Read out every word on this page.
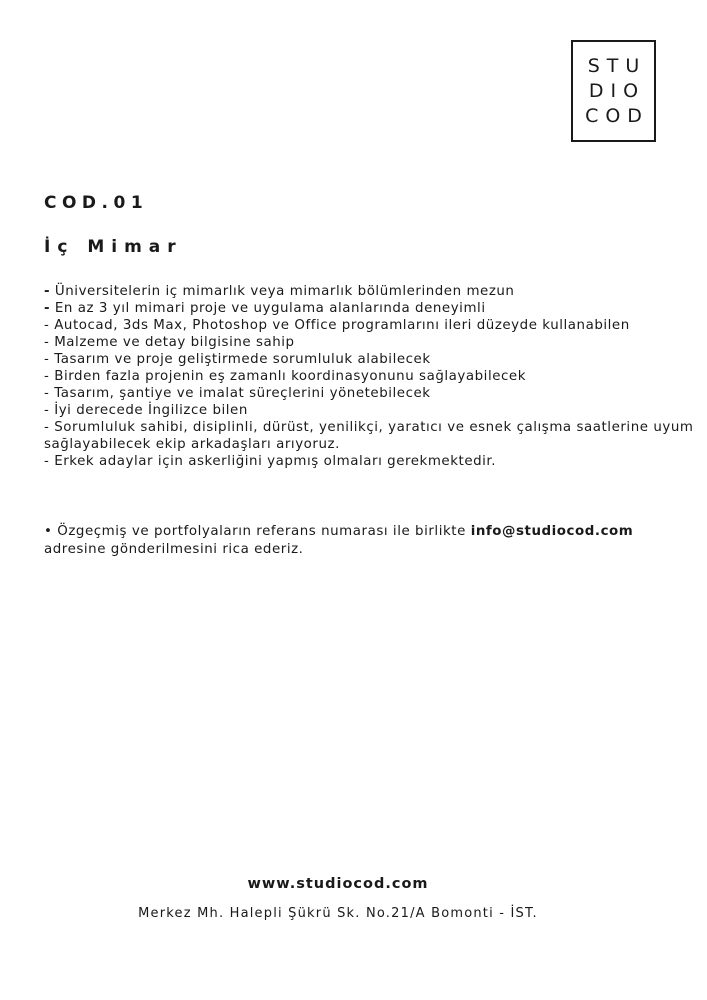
STU
DIO
COD
COD.01
İç Mimar
- Üniversitelerin iç mimarlık veya mimarlık bölümlerinden mezun
- En az 3 yıl mimari proje ve uygulama alanlarında deneyimli
- Autocad, 3ds Max, Photoshop ve Office programlarını ileri düzeyde kullanabilen
- Malzeme ve detay bilgisine sahip
- Tasarım ve proje geliştirmede sorumluluk alabilecek
- Birden fazla projenin eş zamanlı koordinasyonunu sağlayabilecek
- Tasarım, şantiye ve imalat süreçlerini yönetebilecek
- İyi derecede İngilizce bilen
- Sorumluluk sahibi, disiplinli, dürüst, yenilikçi, yaratıcı ve esnek çalışma saatlerine uyum sağlayabilecek ekip arkadaşları arıyoruz.
- Erkek adaylar için askerliğini yapmış olmaları gerekmektedir.

• Özgeçmiş ve portfolyaların referans numarası ile birlikte info@studiocod.com adresine gönderilmesini rica ederiz.

www.studiocod.com

Merkez Mh. Halepli Şükrü Sk. No.21/A Bomonti - İST.
